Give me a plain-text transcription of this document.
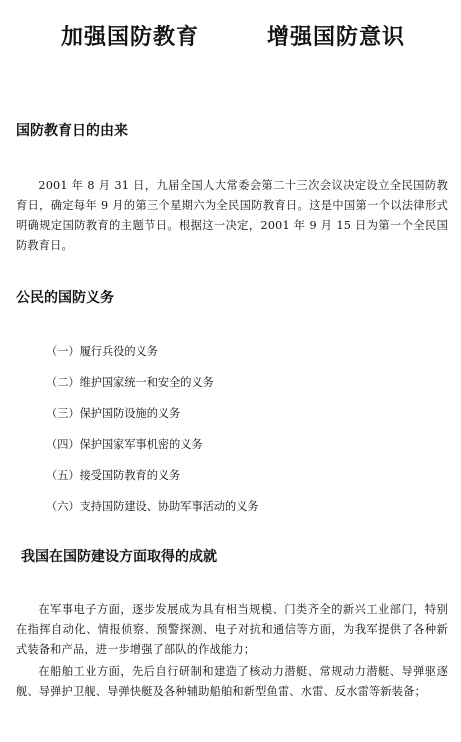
加强国防教育	增强国防意识
国防教育日的由来
2001 年 8 月 31 日，九届全国人大常委会第二十三次会议决定设立全民国防教育日，确定每年 9 月的第三个星期六为全民国防教育日。这是中国第一个以法律形式明确规定国防教育的主题节日。根据这一决定，2001 年 9 月 15 日为第一个全民国防教育日。
公民的国防义务
（一）履行兵役的义务
（二）维护国家统一和安全的义务
（三）保护国防设施的义务
（四）保护国家军事机密的义务
（五）接受国防教育的义务
（六）支持国防建设、协助军事活动的义务
我国在国防建设方面取得的成就
在军事电子方面，逐步发展成为具有相当规模、门类齐全的新兴工业部门，特别在指挥自动化、情报侦察、预警探测、电子对抗和通信等方面，为我军提供了各种新式装备和产品，进一步增强了部队的作战能力；
在船舶工业方面，先后自行研制和建造了核动力潜艇、常规动力潜艇、导弹驱逐舰、导弹护卫舰、导弹快艇及各种辅助船舶和新型鱼雷、水雷、反水雷等新装备；
